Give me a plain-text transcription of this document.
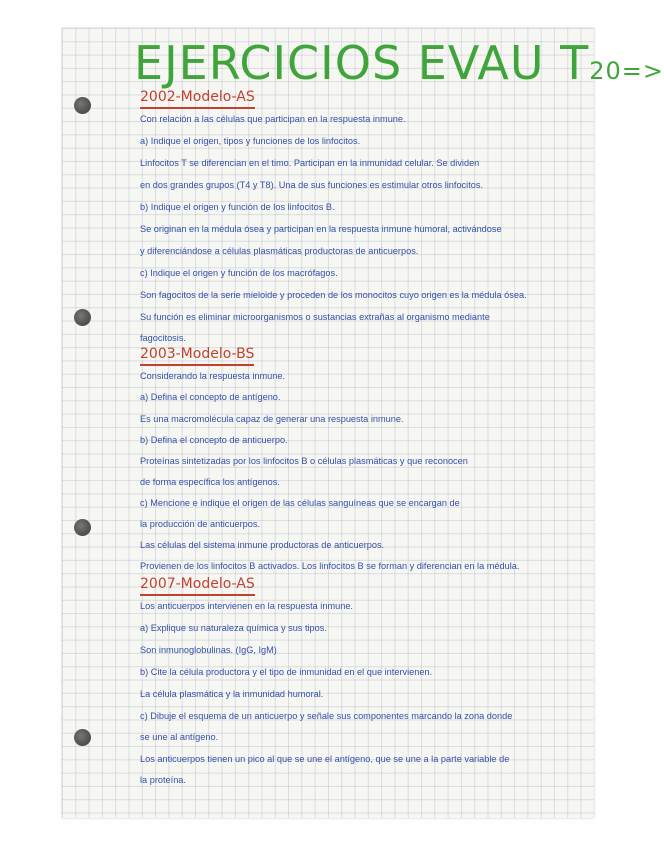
EJERCICIOS EVAU T20=>
2002-Modelo-AS
Con relación a las células que participan en la respuesta inmune.
a) Indique el origen, tipos y funciones de los linfocitos.
Linfocitos T se diferencian en el timo. Participan en la inmunidad celular. Se dividen
en dos grandes grupos (T4 y T8). Una de sus funciones es estimular otros linfocitos.
b) Indique el origen y función de los linfocitos B.
Se originan en la médula ósea y participan en la respuesta inmune humoral, activándose
y diferenciándose a células plasmáticas productoras de anticuerpos.
c) Indique el origen y función de los macrófagos.
Son fagocitos de la serie mieloide y proceden de los monocitos cuyo origen es la médula ósea.
Su función es eliminar microorganismos o sustancias extrañas al organismo mediante
fagocitosis.
2003-Modelo-BS
Considerando la respuesta inmune.
a) Defina el concepto de antígeno.
Es una macromolécula capaz de generar una respuesta inmune.
b) Defina el concepto de anticuerpo.
Proteínas sintetizadas por los linfocitos B o células plasmáticas y que reconocen
de forma específica los antígenos.
c) Mencione e indique el origen de las células sanguíneas que se encargan de
la producción de anticuerpos.
Las células del sistema inmune productoras de anticuerpos.
Provienen de los linfocitos B activados. Los linfocitos B se forman y diferencian en la médula.
2007-Modelo-AS
Los anticuerpos intervienen en la respuesta inmune.
a) Explique su naturaleza química y sus tipos.
Son inmunoglobulinas. (IgG, IgM)
b) Cite la célula productora y el tipo de inmunidad en el que intervienen.
La célula plasmática y la inmunidad humoral.
c) Dibuje el esquema de un anticuerpo y señale sus componentes marcando la zona donde
se une al antígeno.
Los anticuerpos tienen un pico al que se une el antígeno, que se une a la parte variable de
la proteína.
